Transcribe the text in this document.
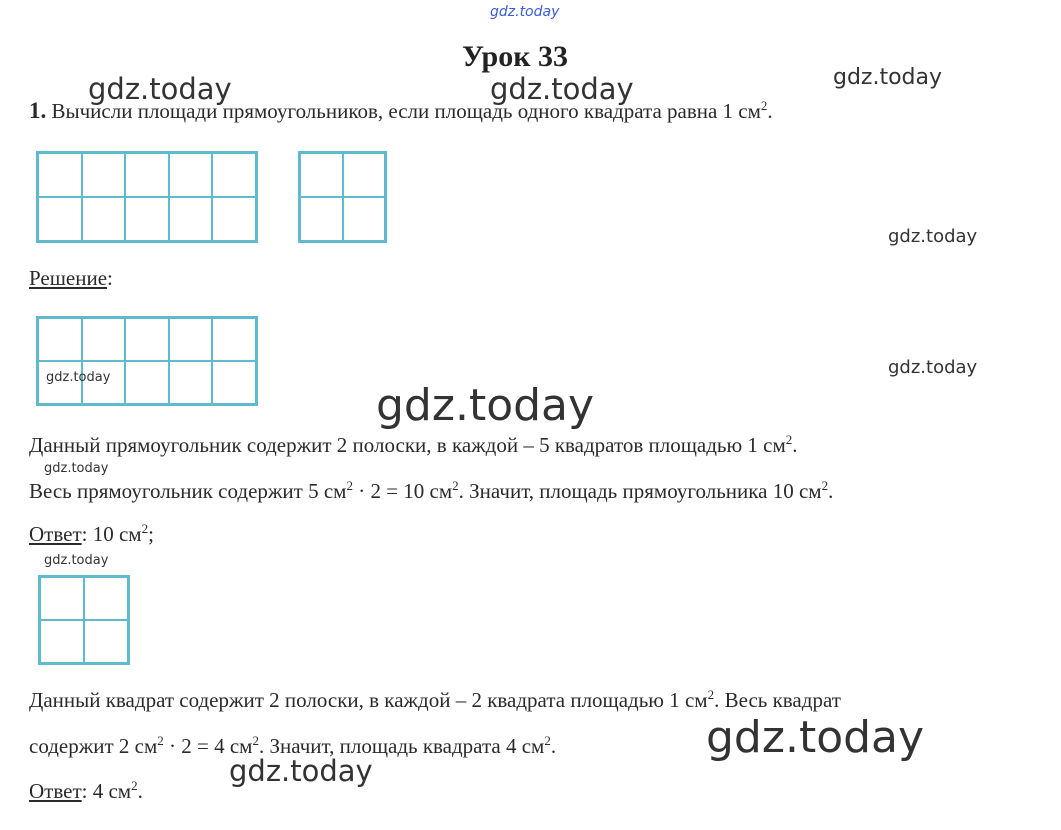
gdz.today
Урок 33
1. Вычисли площади прямоугольников, если площадь одного квадрата равна 1 $см^2$.
Решение:
Данный прямоугольник содержит 2 полоски, в каждой – 5 квадратов площадью 1 $см^2$.
Весь прямоугольник содержит 5 $см^2 \cdot 2 = 10$ $см^2$. Значит, площадь прямоугольника 10 $см^2$.
Ответ: 10 $см^2$;
Данный квадрат содержит 2 полоски, в каждой – 2 квадрата площадью 1 $см^2$. Весь квадрат
содержит 2 $см^2 \cdot 2 = 4$ $см^2$. Значит, площадь квадрата 4 $см^2$.
Ответ: 4 $см^2$.
gdz.today	gdz.today	gdz.today
gdz.today
gdz.today
gdz.today
gdz.today
gdz.today
gdz.today
gdz.today
gdz.today
